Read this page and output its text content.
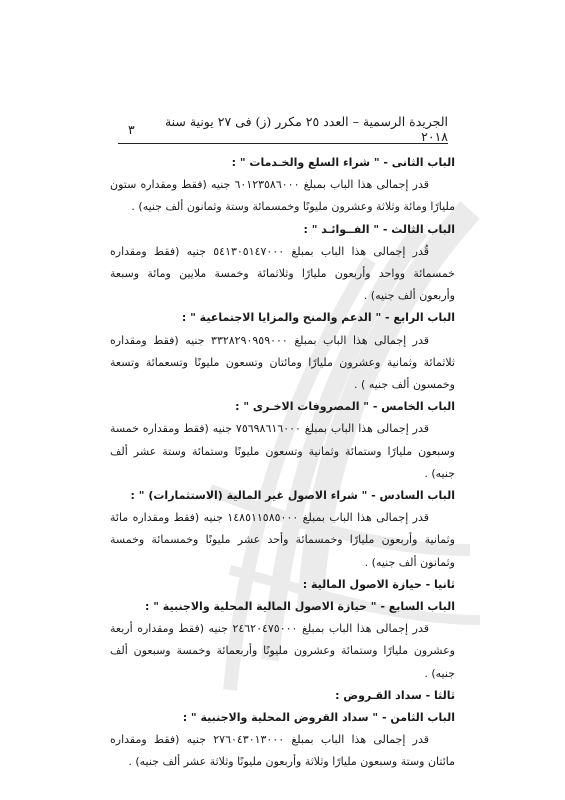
الجريدة الرسمية – العدد ٢٥ مكرر (ز) فى ٢٧ يونية سنة ٢٠١٨
٣
الباب الثانى - " شراء السلع والخـدمات " :

قدر إجمالى هذا الباب بمبلغ ٦٠١٢٣٥٨٦٠٠٠ جنيه (فقط ومقداره ستون مليارًا ومائة وثلاثة وعشرون مليونًا وخمسمائة وستة وثمانون ألف جنيه) .

الباب الثالث - " الفــوائـد " :

قُدر إجمالى هذا الباب بمبلغ ٥٤١٣٠٥١٤٧٠٠٠ جنيه (فقط ومقداره خمسمائة وواحد وأربعون مليارًا وثلاثمائة وخمسة ملايين ومائة وسبعة وأربعون ألف جنيه) .

الباب الرابع - " الدعم والمنح والمزايا الاجتماعية " :

قدر إجمالى هذا الباب بمبلغ ٣٣٢٨٢٩٠٩٥٩٠٠٠ جنيه (فقط ومقداره ثلاثمائة وثمانية وعشرون مليارًا ومائتان وتسعون مليونًا وتسعمائة وتسعة وخمسون ألف جنيه ) .

الباب الخامس - " المصروفات الاخـرى " :

قدر إجمالى هذا الباب بمبلغ ٧٥٦٩٨٦١٦٠٠٠ جنيه (فقط ومقداره خمسة وسبعون مليارًا وستمائة وثمانية وتسعون مليونًا وستمائة وستة عشر ألف جنيه) .

الباب السادس - " شراء الاصول غير المالية (الاستثمارات) " :

قدر إجمالى هذا الباب بمبلغ ١٤٨٥١١٥٨٥٠٠٠ جنيه (فقط ومقداره مائة وثمانية وأربعون مليارًا وخمسمائة وأحد عشر مليونًا وخمسمائة وخمسة وثمانون ألف جنيه) .

ثانيا - حيازة الاصول المالية :
الباب السابع - " حيازة الاصول المالية المحلية والاجنبية " :

قدر إجمالى هذا الباب بمبلغ ٢٤٦٢٠٤٧٥٠٠٠ جنيه (فقط ومقداره أربعة وعشرون مليارًا وستمائة وعشرون مليونًا وأربعمائة وخمسة وسبعون ألف جنيه) .

ثالثا - سداد القـروض :
الباب الثامن - " سداد القروض المحلية والاجنبية " :

قدر إجمالى هذا الباب بمبلغ ٢٧٦٠٤٣٠١٣٠٠٠ جنيه (فقط ومقداره مائتان وستة وسبعون مليارًا وثلاثة وأربعون مليونًا وثلاثة عشر ألف جنيه) .
